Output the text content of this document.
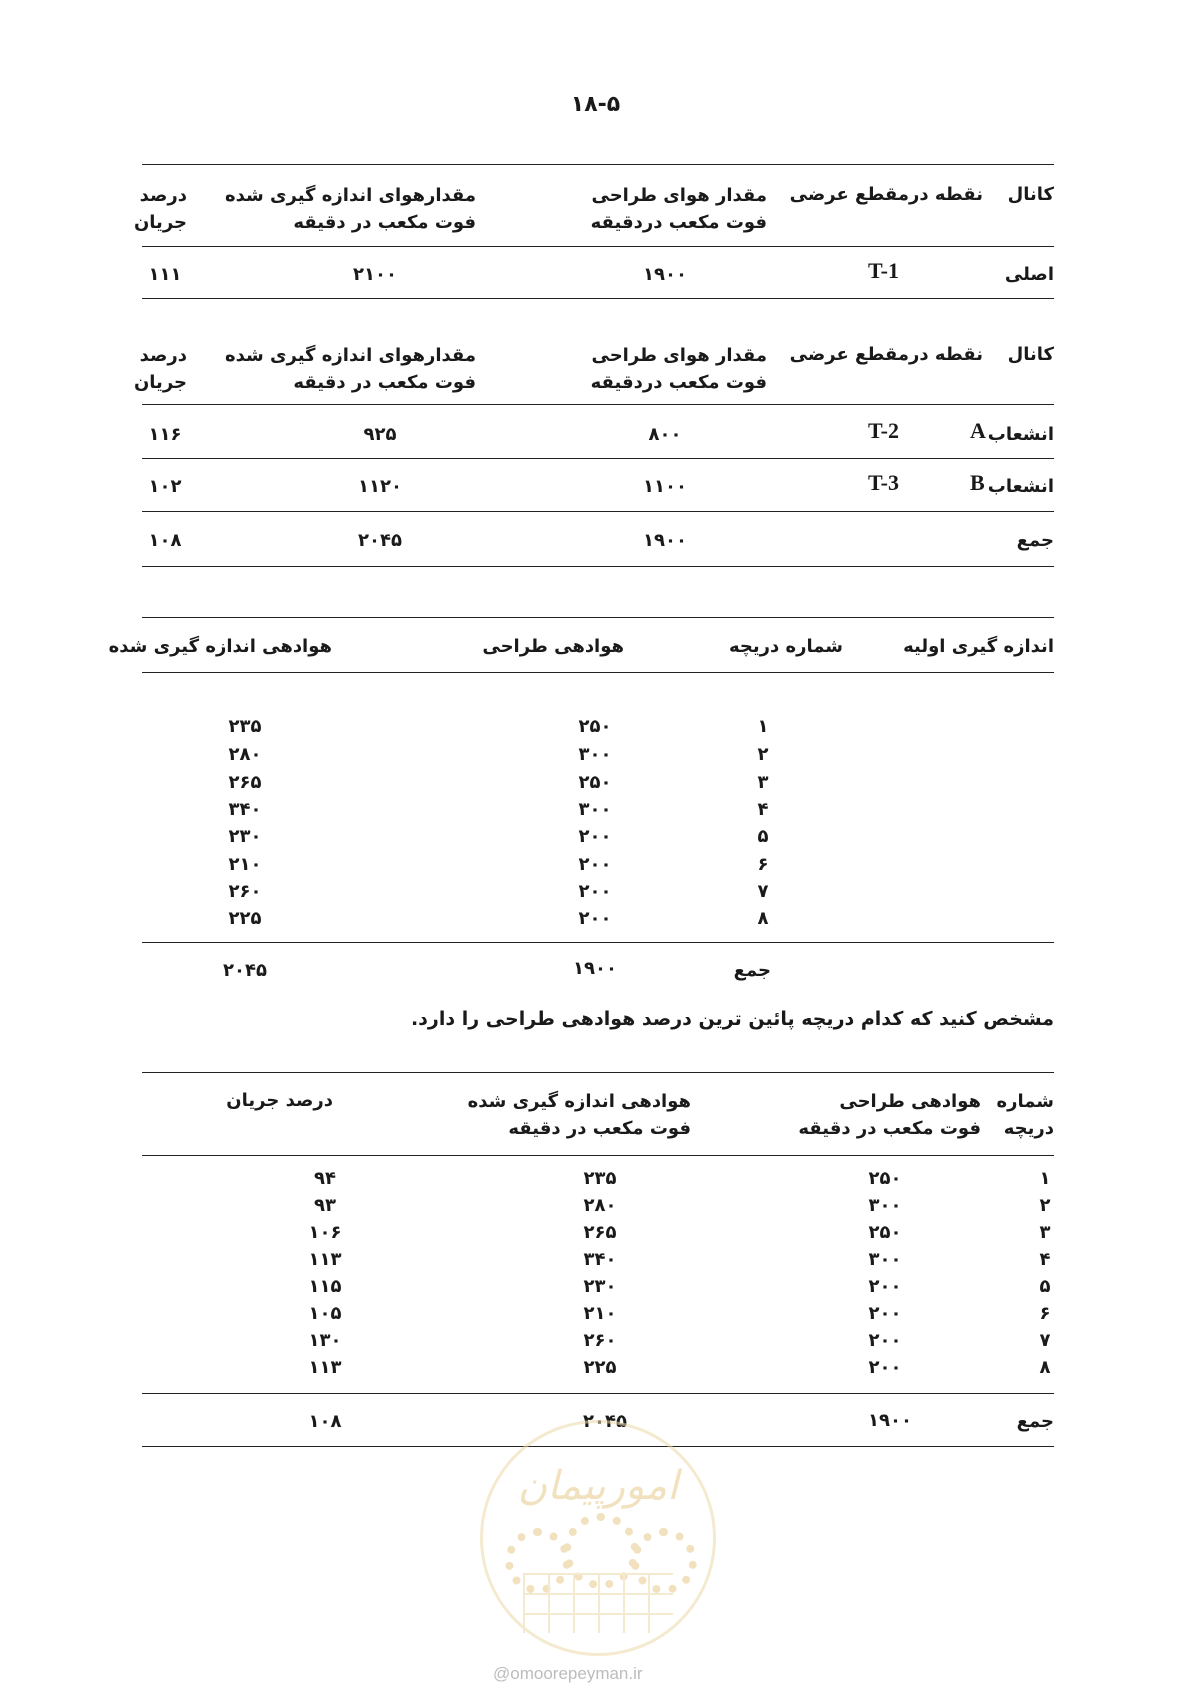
۱۸-۵
کانال
نقطه درمقطع عرضی
مقدار هوای طراحی
فوت مکعب دردقیقه
مقدارهوای اندازه گیری شده
فوت مکعب در دقیقه
درصد
جریان
اصلی
T-1
۱۹۰۰
۲۱۰۰
۱۱۱
کانال
نقطه درمقطع عرضی
مقدار هوای طراحی
فوت مکعب دردقیقه
مقدارهوای اندازه گیری شده
فوت مکعب در دقیقه
درصد
جریان
انشعاب
A
T-2
۸۰۰
۹۲۵
۱۱۶
انشعاب
B
T-3
۱۱۰۰
۱۱۲۰
۱۰۲
جمع
۱۹۰۰
۲۰۴۵
۱۰۸
اندازه گیری اولیه
شماره دریچه
هوادهی طراحی
هوادهی اندازه گیری شده
۱
۲۵۰
۲۳۵
۲
۳۰۰
۲۸۰
۳
۲۵۰
۲۶۵
۴
۳۰۰
۳۴۰
۵
۲۰۰
۲۳۰
۶
۲۰۰
۲۱۰
۷
۲۰۰
۲۶۰
۸
۲۰۰
۲۲۵
جمع
۱۹۰۰
۲۰۴۵
مشخص کنید که کدام دریچه پائین ترین درصد هوادهی طراحی را دارد.
شماره
دریچه
هوادهی طراحی
فوت مکعب در دقیقه
هوادهی اندازه گیری شده
فوت مکعب در دقیقه
درصد جریان
۱
۲۵۰
۲۳۵
۹۴
۲
۳۰۰
۲۸۰
۹۳
۳
۲۵۰
۲۶۵
۱۰۶
۴
۳۰۰
۳۴۰
۱۱۳
۵
۲۰۰
۲۳۰
۱۱۵
۶
۲۰۰
۲۱۰
۱۰۵
۷
۲۰۰
۲۶۰
۱۳۰
۸
۲۰۰
۲۲۵
۱۱۳
جمع
۱۹۰۰
۲۰۴۵
۱۰۸
امورپیمان
@omoorepeyman.ir
